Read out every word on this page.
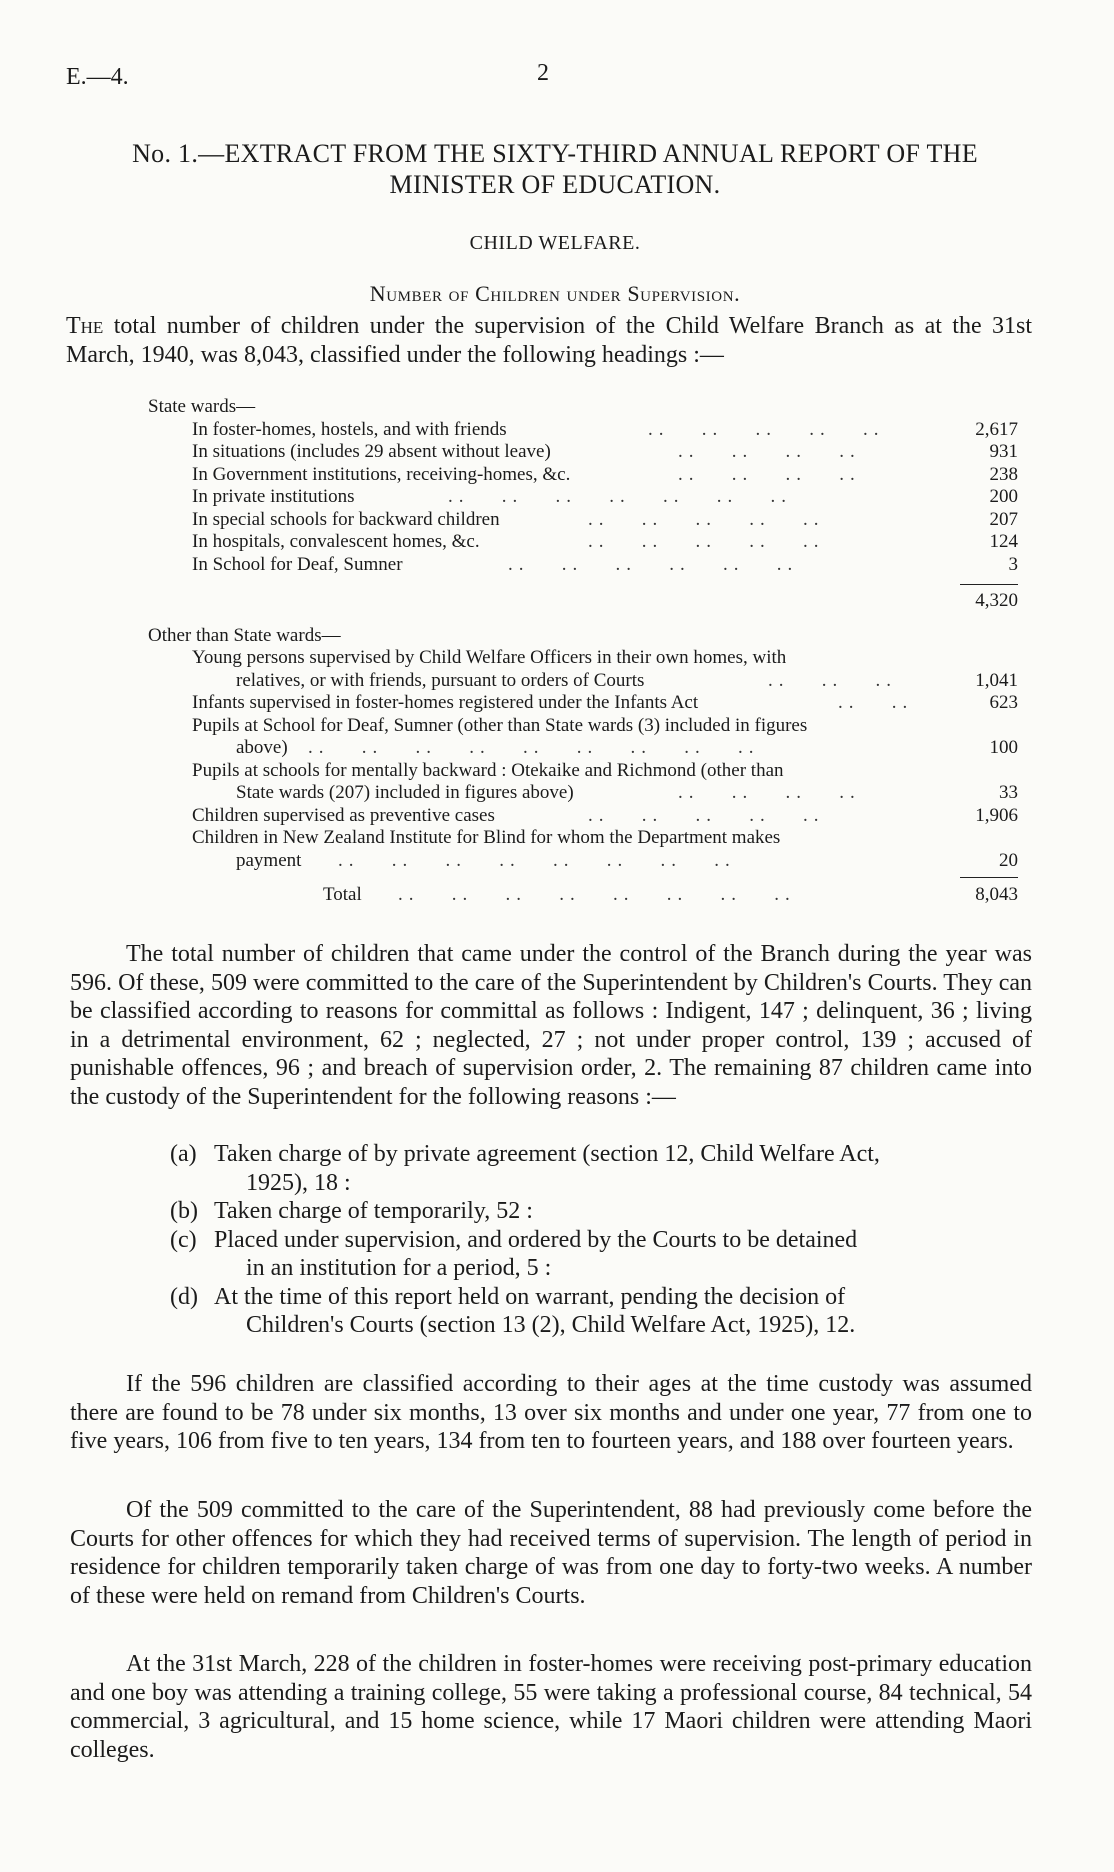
E.—4.	2
No. 1.—EXTRACT FROM THE SIXTY-THIRD ANNUAL REPORT OF THE
MINISTER OF EDUCATION.
CHILD WELFARE.
Number of Children under Supervision.
The total number of children under the supervision of the Child Welfare Branch as at the 31st March, 1940, was 8,043, classified under the following headings :—
State wards—
In foster-homes, hostels, and with friends	..   ..   ..   ..   ..	2,617
In situations (includes 29 absent without leave)	..   ..   ..   ..	931
In Government institutions, receiving-homes, &c.	..   ..   ..   ..	238
In private institutions	..   ..   ..   ..   ..   ..   ..	200
In special schools for backward children	..   ..   ..   ..   ..	207
In hospitals, convalescent homes, &c.	..   ..   ..   ..   ..	124
In School for Deaf, Sumner	..   ..   ..   ..   ..   ..	3
4,320
Other than State wards—
Young persons supervised by Child Welfare Officers in their own homes, with
relatives, or with friends, pursuant to orders of Courts	..   ..   ..	1,041
Infants supervised in foster-homes registered under the Infants Act	..   ..	623
Pupils at School for Deaf, Sumner (other than State wards (3) included in figures
above) ..   ..   ..   ..   ..   ..   ..   ..   ..	100
Pupils at schools for mentally backward : Otekaike and Richmond (other than
State wards (207) included in figures above)	..   ..   ..   ..	33
Children supervised as preventive cases	..   ..   ..   ..   ..	1,906
Children in New Zealand Institute for Blind for whom the Department makes
payment ..   ..   ..   ..   ..   ..   ..   ..	20
Total ..   ..   ..   ..   ..   ..   ..   ..	8,043
The total number of children that came under the control of the Branch during the year was 596. Of these, 509 were committed to the care of the Superintendent by Children's Courts. They can be classified according to reasons for committal as follows : Indigent, 147 ; delinquent, 36 ; living in a detrimental environment, 62 ; neglected, 27 ; not under proper control, 139 ; accused of punishable offences, 96 ; and breach of supervision order, 2. The remaining 87 children came into the custody of the Superintendent for the following reasons :—
(a) Taken charge of by private agreement (section 12, Child Welfare Act,
1925), 18 :
(b) Taken charge of temporarily, 52 :
(c) Placed under supervision, and ordered by the Courts to be detained
in an institution for a period, 5 :
(d) At the time of this report held on warrant, pending the decision of
Children's Courts (section 13 (2), Child Welfare Act, 1925), 12.
If the 596 children are classified according to their ages at the time custody was assumed there are found to be 78 under six months, 13 over six months and under one year, 77 from one to five years, 106 from five to ten years, 134 from ten to fourteen years, and 188 over fourteen years.
Of the 509 committed to the care of the Superintendent, 88 had previously come before the Courts for other offences for which they had received terms of supervision. The length of period in residence for children temporarily taken charge of was from one day to forty-two weeks. A number of these were held on remand from Children's Courts.
At the 31st March, 228 of the children in foster-homes were receiving post-primary education and one boy was attending a training college, 55 were taking a professional course, 84 technical, 54 commercial, 3 agricultural, and 15 home science, while 17 Maori children were attending Maori colleges.
